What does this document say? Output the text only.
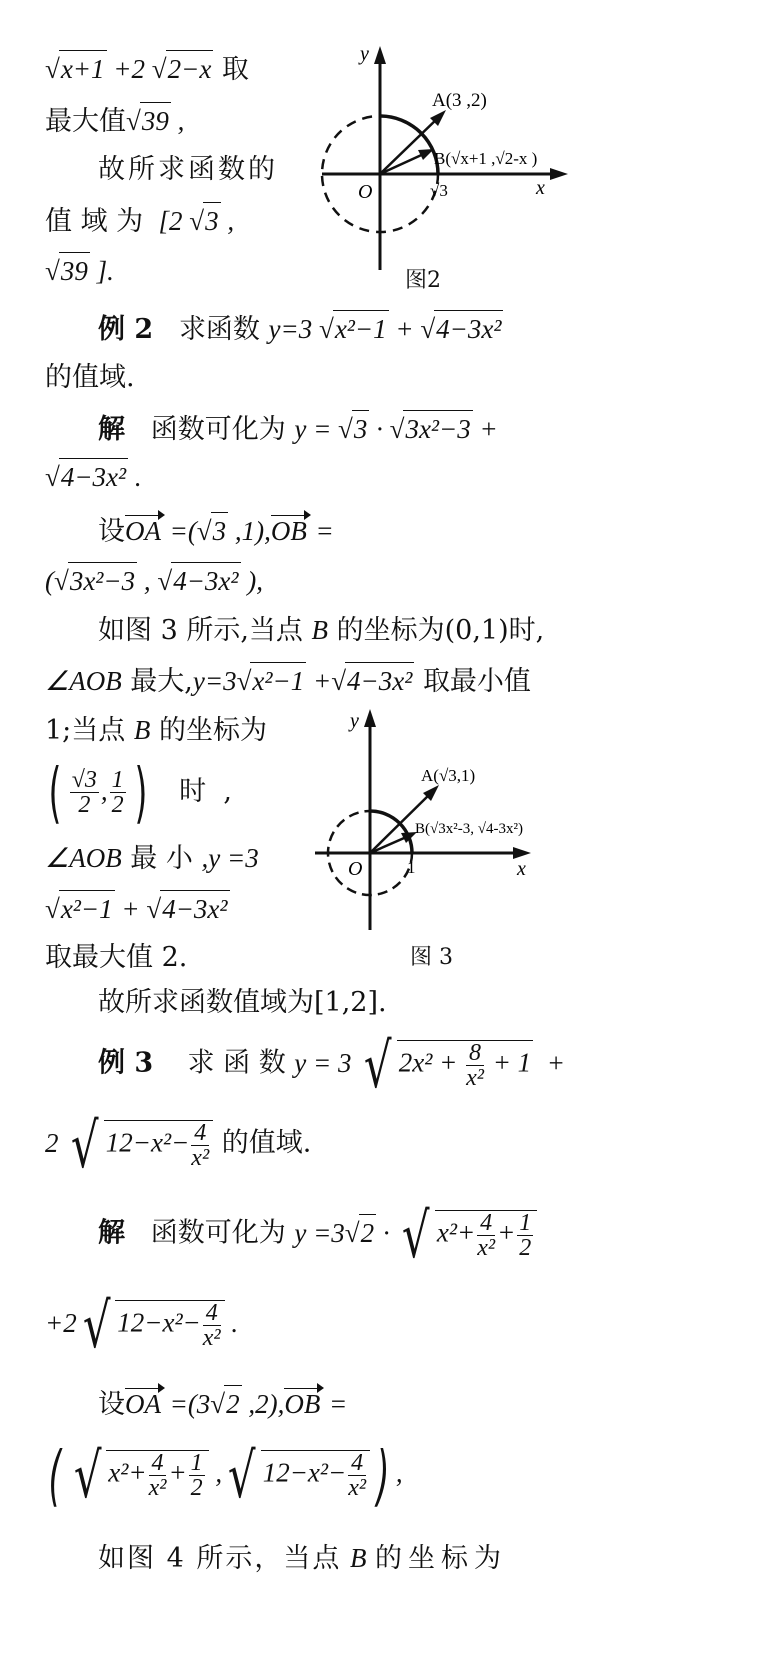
y
x
O
A(3 ,2)
B(√x+1 ,√2-x )
√3
图2
y
x
O
A(√3,1)
B(√3x²-3, √4-3x²)
1
图 3
√x+1 +2 √2−x 取
最大值√39 ,
故所求函数的
值 域 为  [2 √3 ,
√39 ].
例 2 求函数 y=3 √x²−1 + √4−3x²
的值域.
解 函数可化为 y = √3 · √3x²−3 +
√4−3x² .
设OA =(√3 ,1),OB =
(√3x²−3 , √4−3x² ),
如图 3 所示,当点 B 的坐标为(0,1)时,
∠AOB 最大,y=3√x²−1 +√4−3x² 取最小值
1;当点 B 的坐标为
( $\frac{√3}{2}$ , $\frac{1}{2}$ ) 时  ,
∠AOB 最 小 ,y =3
√x²−1 + √4−3x²
取最大值 2.
故所求函数值域为[1,2].
例 3 求 函 数 y = 3 √ $2x^2 + \frac{8}{\text{x²}} + 1$  +
2 √ $12-x^2- \frac{4}{\text{x²}}$ 的值域.
解 函数可化为 y =3√2 · √ $x^2+ \frac{4}{\text{x²}} + \frac{1}{2}$
+2√ $12-x^2- \frac{4}{\text{x²}}$ .
设OA =(3√2 ,2),OB =
( √ $x^2+ \frac{4}{\text{x²}} + \frac{1}{2}$ ,√ $12-x^2- \frac{4}{\text{x²}}$ ) ,
如图 4 所示，当点 B 的坐标为
